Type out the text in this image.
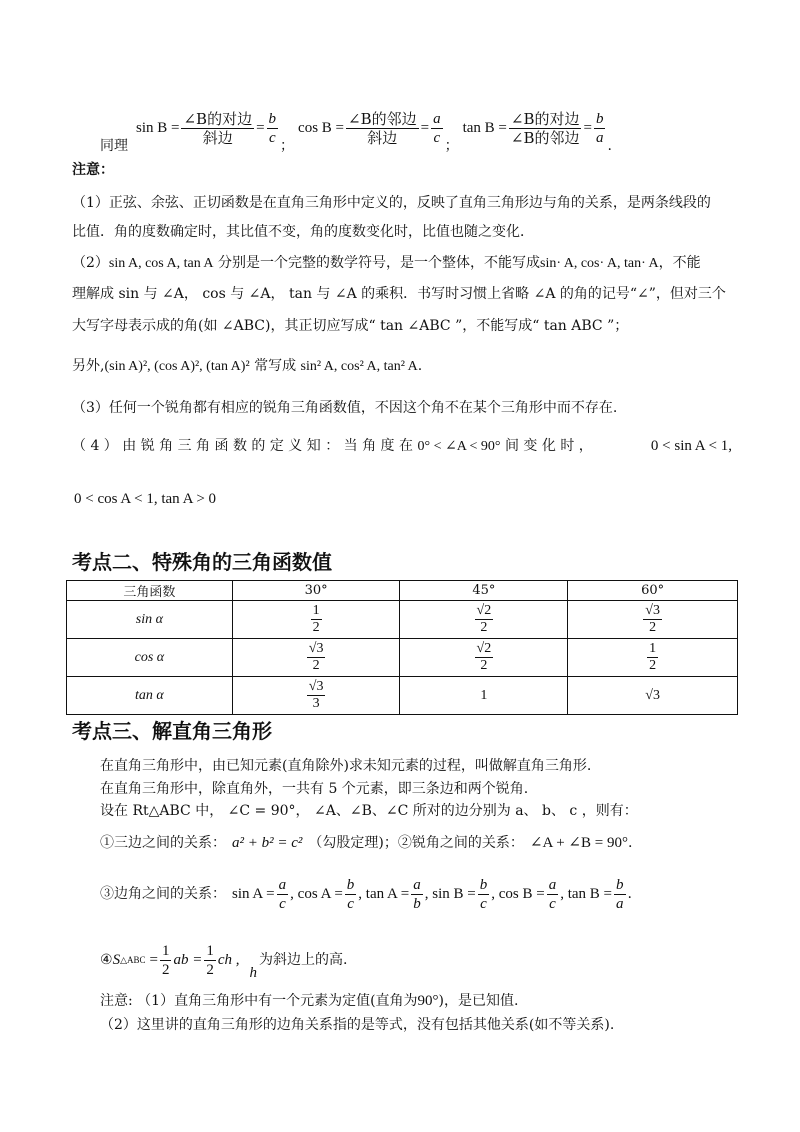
同理
$\sin B = \frac{\text{∠B的对边}}{\text{斜边}} = \frac{b}{c}$ ；
$\cos B = \frac{\text{∠B的邻边}}{\text{斜边}} = \frac{a}{c}$ ；
$\tan B = \frac{\text{∠B的对边}}{\text{∠B的邻边}} = \frac{b}{a}$ .
注意：
（1）正弦、余弦、正切函数是在直角三角形中定义的，反映了直角三角形边与角的关系，是两条线段的
比值．角的度数确定时，其比值不变，角的度数变化时，比值也随之变化．
（2）sin A, cos A, tan A 分别是一个完整的数学符号，是一个整体，不能写成sin· A, cos· A, tan· A，不能
理解成 sin 与 ∠A， cos 与 ∠A， tan 与 ∠A 的乘积．书写时习惯上省略 ∠A 的角的记号“∠”，但对三个
大写字母表示成的角(如 ∠ABC)，其正切应写成“ tan ∠ABC ”，不能写成“ tan ABC ”；
另外,(sin A)², (cos A)², (tan A)² 常写成 sin² A, cos² A, tan² A.
（3）任何一个锐角都有相应的锐角三角函数值，不因这个角不在某个三角形中而不存在.
（ 4 ） 由 锐 角 三 角 函 数 的 定 义 知 ： 当 角 度 在 0° < ∠A < 90° 间 变 化 时 ，	0 < sin A < 1,
0 < cos A < 1, tan A > 0
考点二、特殊角的三角函数值
三角函数	30°	45°	60°
sin α	$\frac{1}{2}$	$\frac{√2}{2}$	$\frac{√3}{2}$

cos α	$\frac{√3}{2}$	$\frac{√2}{2}$	$\frac{1}{2}$

tan α	$\frac{√3}{3}$	1	√3
考点三、解直角三角形
在直角三角形中，由已知元素(直角除外)求未知元素的过程，叫做解直角三角形.
在直角三角形中，除直角外，一共有 5 个元素，即三条边和两个锐角.
设在 Rt△ABC 中， ∠C = 90°， ∠A、∠B、∠C 所对的边分别为 a、 b、 c ，则有：
①三边之间的关系： a² + b² = c² （勾股定理)；②锐角之间的关系： ∠A + ∠B = 90°.
③边角之间的关系： $\sin A = \frac{a}{c}$ , $\cos A = \frac{b}{c}$ , $\tan A = \frac{a}{b}$ , $\sin B = \frac{b}{c}$ , $\cos B = \frac{a}{c}$ , $\tan B = \frac{b}{a}$ .
④ S △ABC = $\frac{1}{2}$ ab = $\frac{1}{2}$ ch ,
h
为斜边上的高.
注意: （1）直角三角形中有一个元素为定值(直角为90°)，是已知值.
（2）这里讲的直角三角形的边角关系指的是等式，没有包括其他关系(如不等关系).
